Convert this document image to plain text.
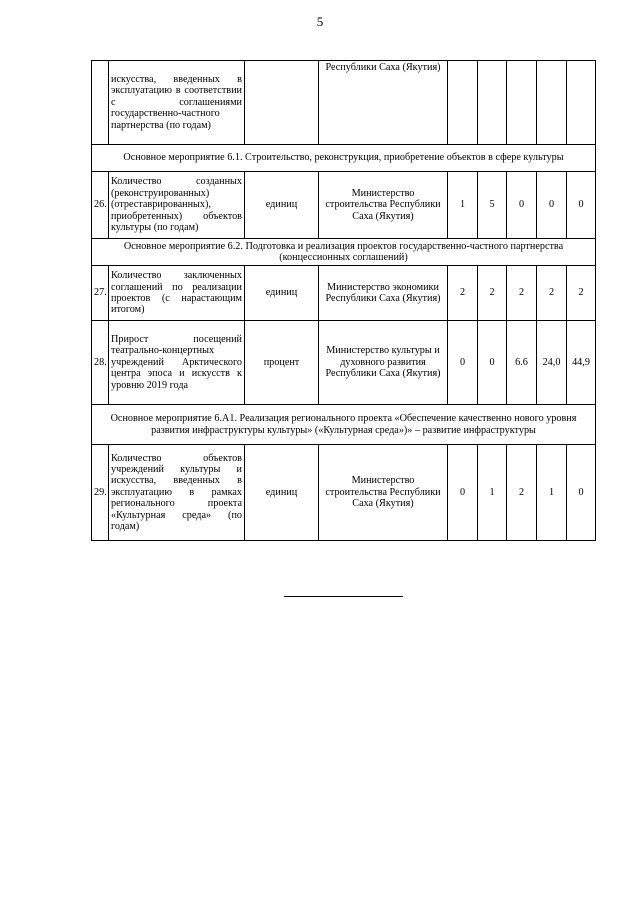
5
	искусства, введенных в эксплуатацию в соответствии с соглашениями государственно-частного партнерства (по годам)		Республики Саха (Якутия)					
Основное мероприятие 6.1. Строительство, реконструкция, приобретение объектов в сфере культуры								
26.	Количество созданных (реконструированных) (отреставрированных), приобретенных) объектов культуры (по годам)	единиц	Министерство строительства Республики Саха (Якутия)	1	5	0	0	0
Основное мероприятие 6.2. Подготовка и реализация проектов государственно-частного партнерства (концессионных соглашений)								
27.	Количество заключенных соглашений по реализации проектов (с нарастающим итогом)	единиц	Министерство экономики Республики Саха (Якутия)	2	2	2	2	2
28.	Прирост посещений театрально-концертных учреждений Арктического центра эпоса и искусств к уровню 2019 года	процент	Министерство культуры и духовного развития Республики Саха (Якутия)	0	0	6.6	24,0	44,9
Основное мероприятие 6.А1. Реализация регионального проекта «Обеспечение качественно нового уровня развития инфраструктуры культуры» («Культурная среда»)» – развитие инфраструктуры								
29.	Количество объектов учреждений культуры и искусства, введенных в эксплуатацию в рамках регионального проекта «Культурная среда» (по годам)	единиц	Министерство строительства Республики Саха (Якутия)	0	1	2	1	0
